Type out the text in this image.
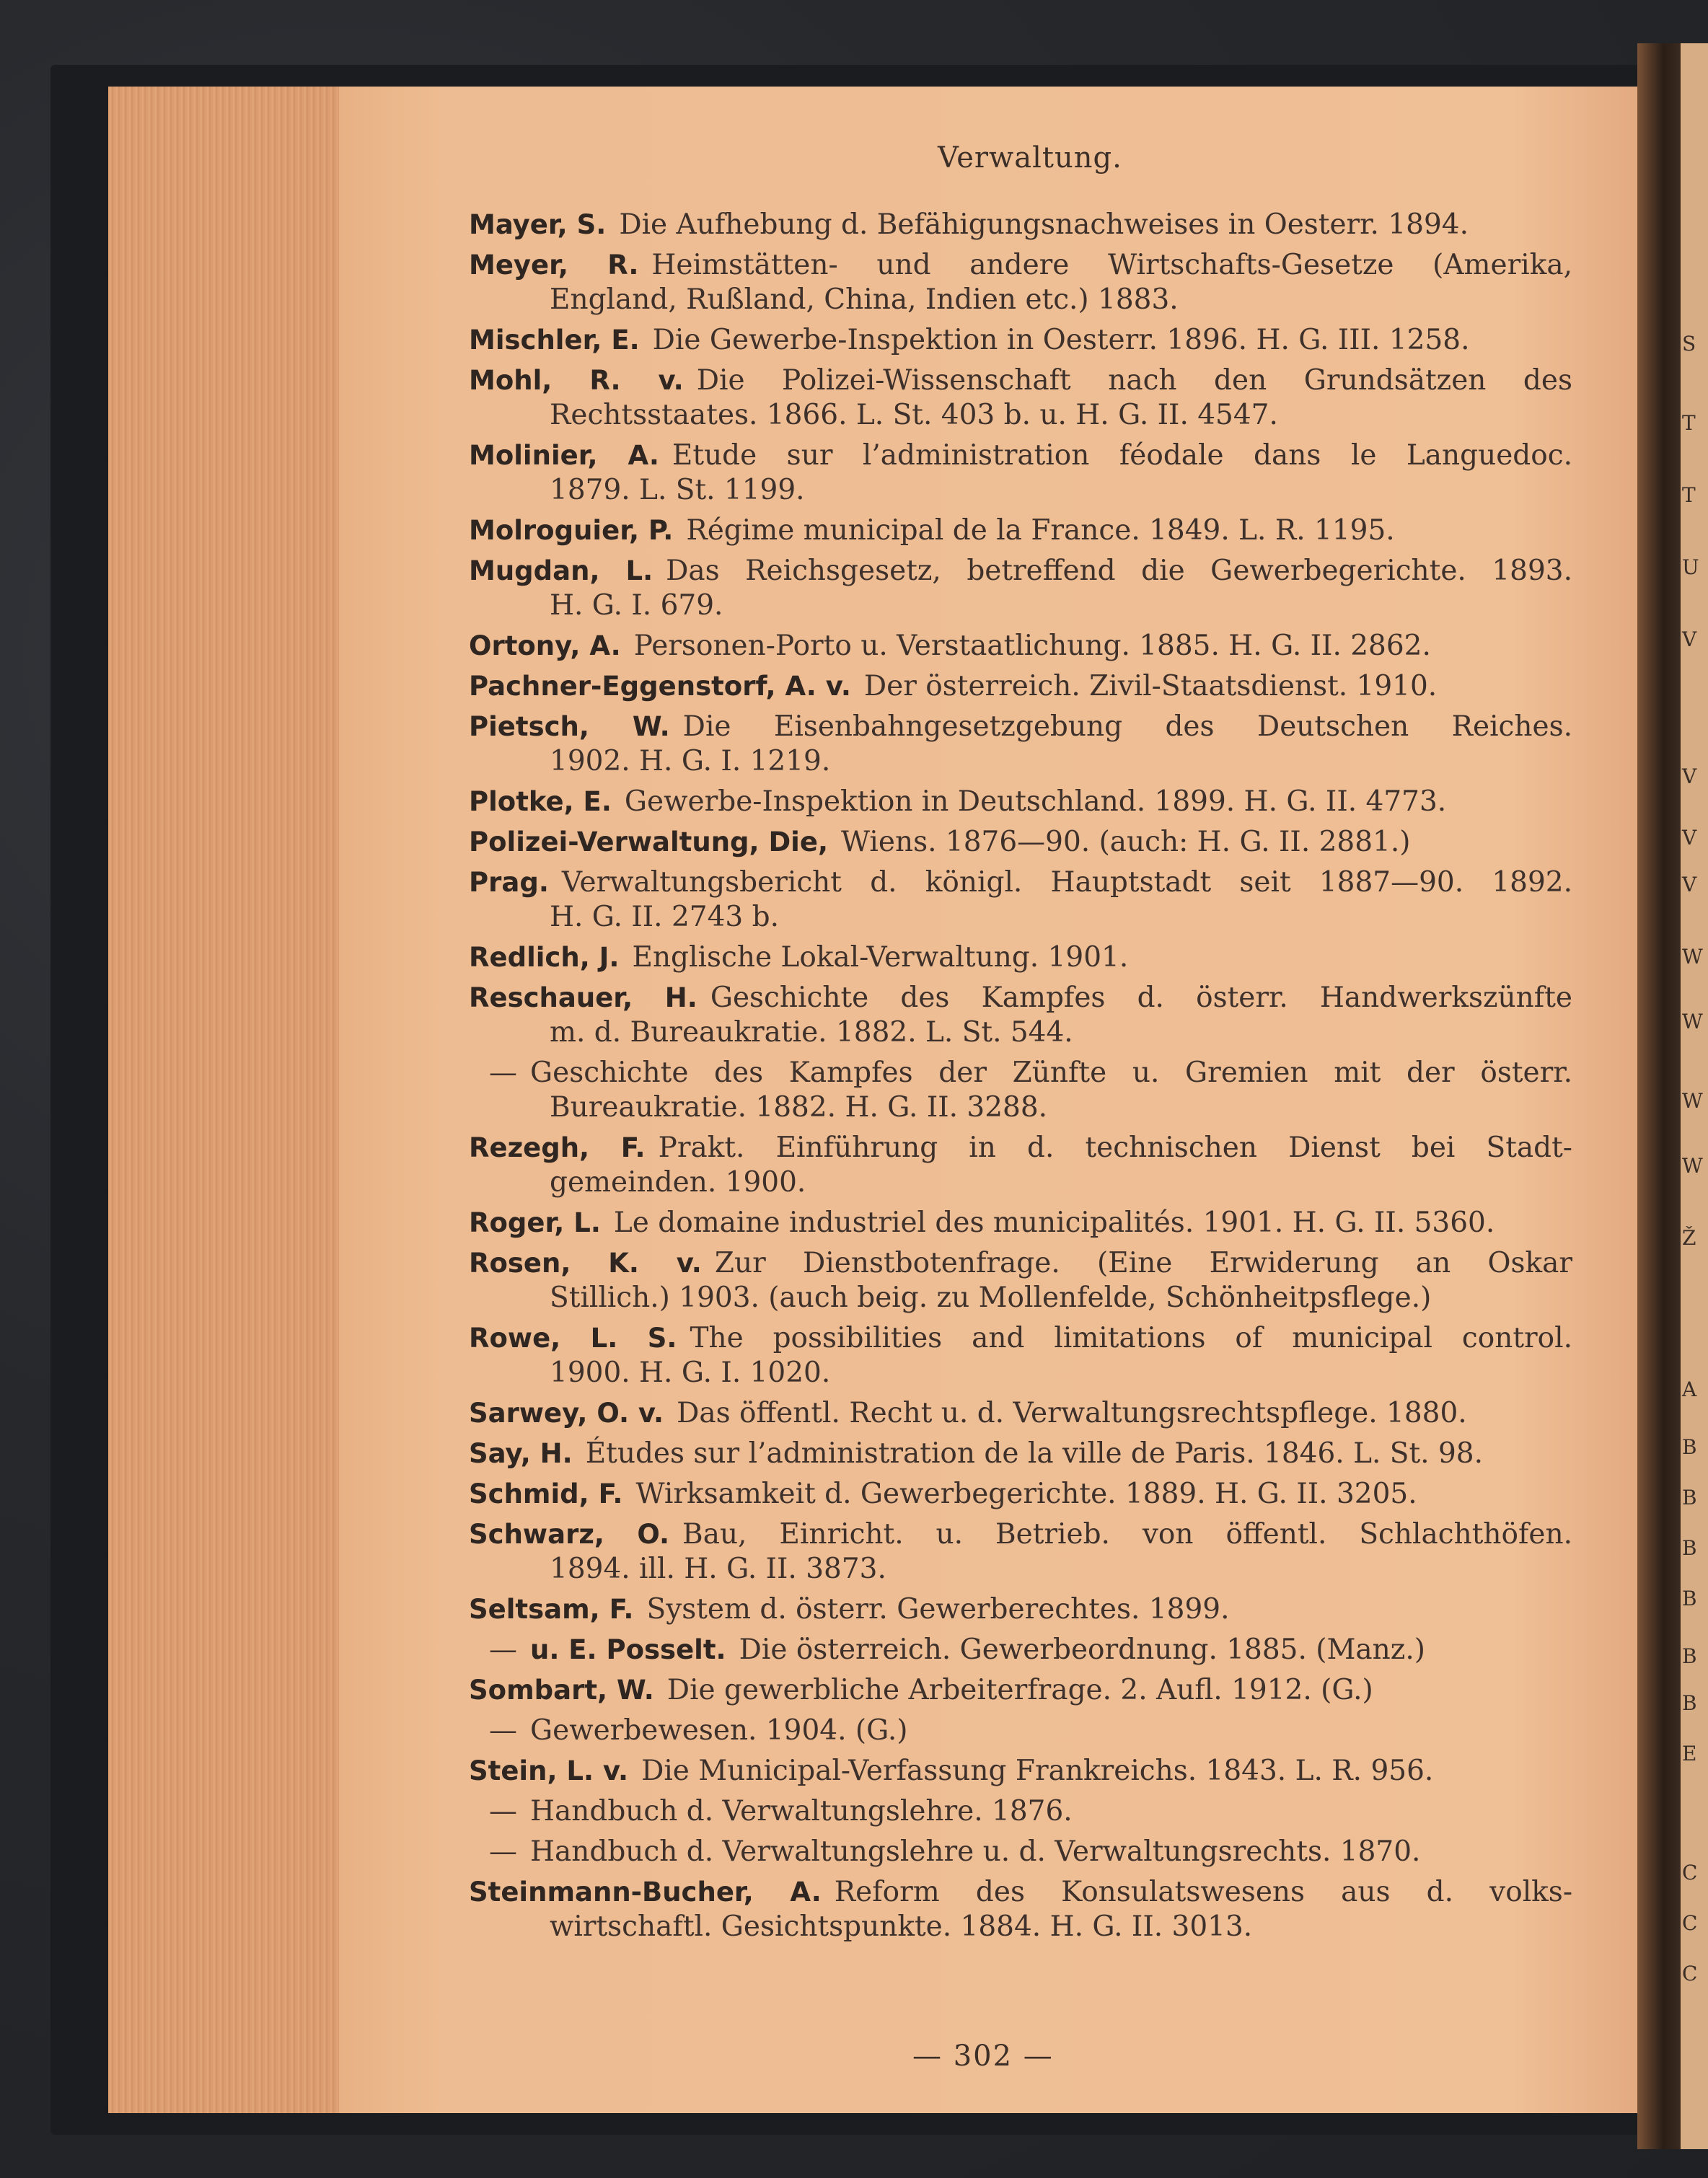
S
T
T
U
V
V
V
V
W
W
W
W
Ž
A
B
B
B
B
B
B
E
C
C
C
Verwaltung.
Mayer, S. Die Aufhebung d. Befähigungsnachweises in Oesterr. 1894.
Meyer, R. Heimstätten- und andere Wirtschafts-Gesetze (Amerika,
England, Rußland, China, Indien etc.) 1883.
Mischler, E. Die Gewerbe-Inspektion in Oesterr. 1896. H. G. III. 1258.
Mohl, R. v. Die Polizei-Wissenschaft nach den Grundsätzen des
Rechtsstaates. 1866. L. St. 403 b. u. H. G. II. 4547.
Molinier, A. Etude sur l’administration féodale dans le Languedoc.
1879. L. St. 1199.
Molroguier, P. Régime municipal de la France. 1849. L. R. 1195.
Mugdan, L. Das Reichsgesetz, betreffend die Gewerbegerichte. 1893.
H. G. I. 679.
Ortony, A. Personen-Porto u. Verstaatlichung. 1885. H. G. II. 2862.
Pachner-Eggenstorf, A. v. Der österreich. Zivil-Staatsdienst. 1910.
Pietsch, W. Die Eisenbahngesetzgebung des Deutschen Reiches.
1902. H. G. I. 1219.
Plotke, E. Gewerbe-Inspektion in Deutschland. 1899. H. G. II. 4773.
Polizei-Verwaltung, Die, Wiens. 1876—90. (auch: H. G. II. 2881.)
Prag. Verwaltungsbericht d. königl. Hauptstadt seit 1887—90. 1892.
H. G. II. 2743 b.
Redlich, J. Englische Lokal-Verwaltung. 1901.
Reschauer, H. Geschichte des Kampfes d. österr. Handwerkszünfte
m. d. Bureaukratie. 1882. L. St. 544.
— Geschichte des Kampfes der Zünfte u. Gremien mit der österr.
Bureaukratie. 1882. H. G. II. 3288.
Rezegh, F. Prakt. Einführung in d. technischen Dienst bei Stadt-
gemeinden. 1900.
Roger, L. Le domaine industriel des municipalités. 1901. H. G. II. 5360.
Rosen, K. v. Zur Dienstbotenfrage. (Eine Erwiderung an Oskar
Stillich.) 1903. (auch beig. zu Mollenfelde, Schönheitpsflege.)
Rowe, L. S. The possibilities and limitations of municipal control.
1900. H. G. I. 1020.
Sarwey, O. v. Das öffentl. Recht u. d. Verwaltungsrechtspflege. 1880.
Say, H. Études sur l’administration de la ville de Paris. 1846. L. St. 98.
Schmid, F. Wirksamkeit d. Gewerbegerichte. 1889. H. G. II. 3205.
Schwarz, O. Bau, Einricht. u. Betrieb. von öffentl. Schlachthöfen.
1894. ill. H. G. II. 3873.
Seltsam, F. System d. österr. Gewerberechtes. 1899.
— u. E. Posselt. Die österreich. Gewerbeordnung. 1885. (Manz.)
Sombart, W. Die gewerbliche Arbeiterfrage. 2. Aufl. 1912. (G.)
— Gewerbewesen. 1904. (G.)
Stein, L. v. Die Municipal-Verfassung Frankreichs. 1843. L. R. 956.
— Handbuch d. Verwaltungslehre. 1876.
— Handbuch d. Verwaltungslehre u. d. Verwaltungsrechts. 1870.
Steinmann-Bucher, A. Reform des Konsulatswesens aus d. volks-
wirtschaftl. Gesichtspunkte. 1884. H. G. II. 3013.
— 302 —
